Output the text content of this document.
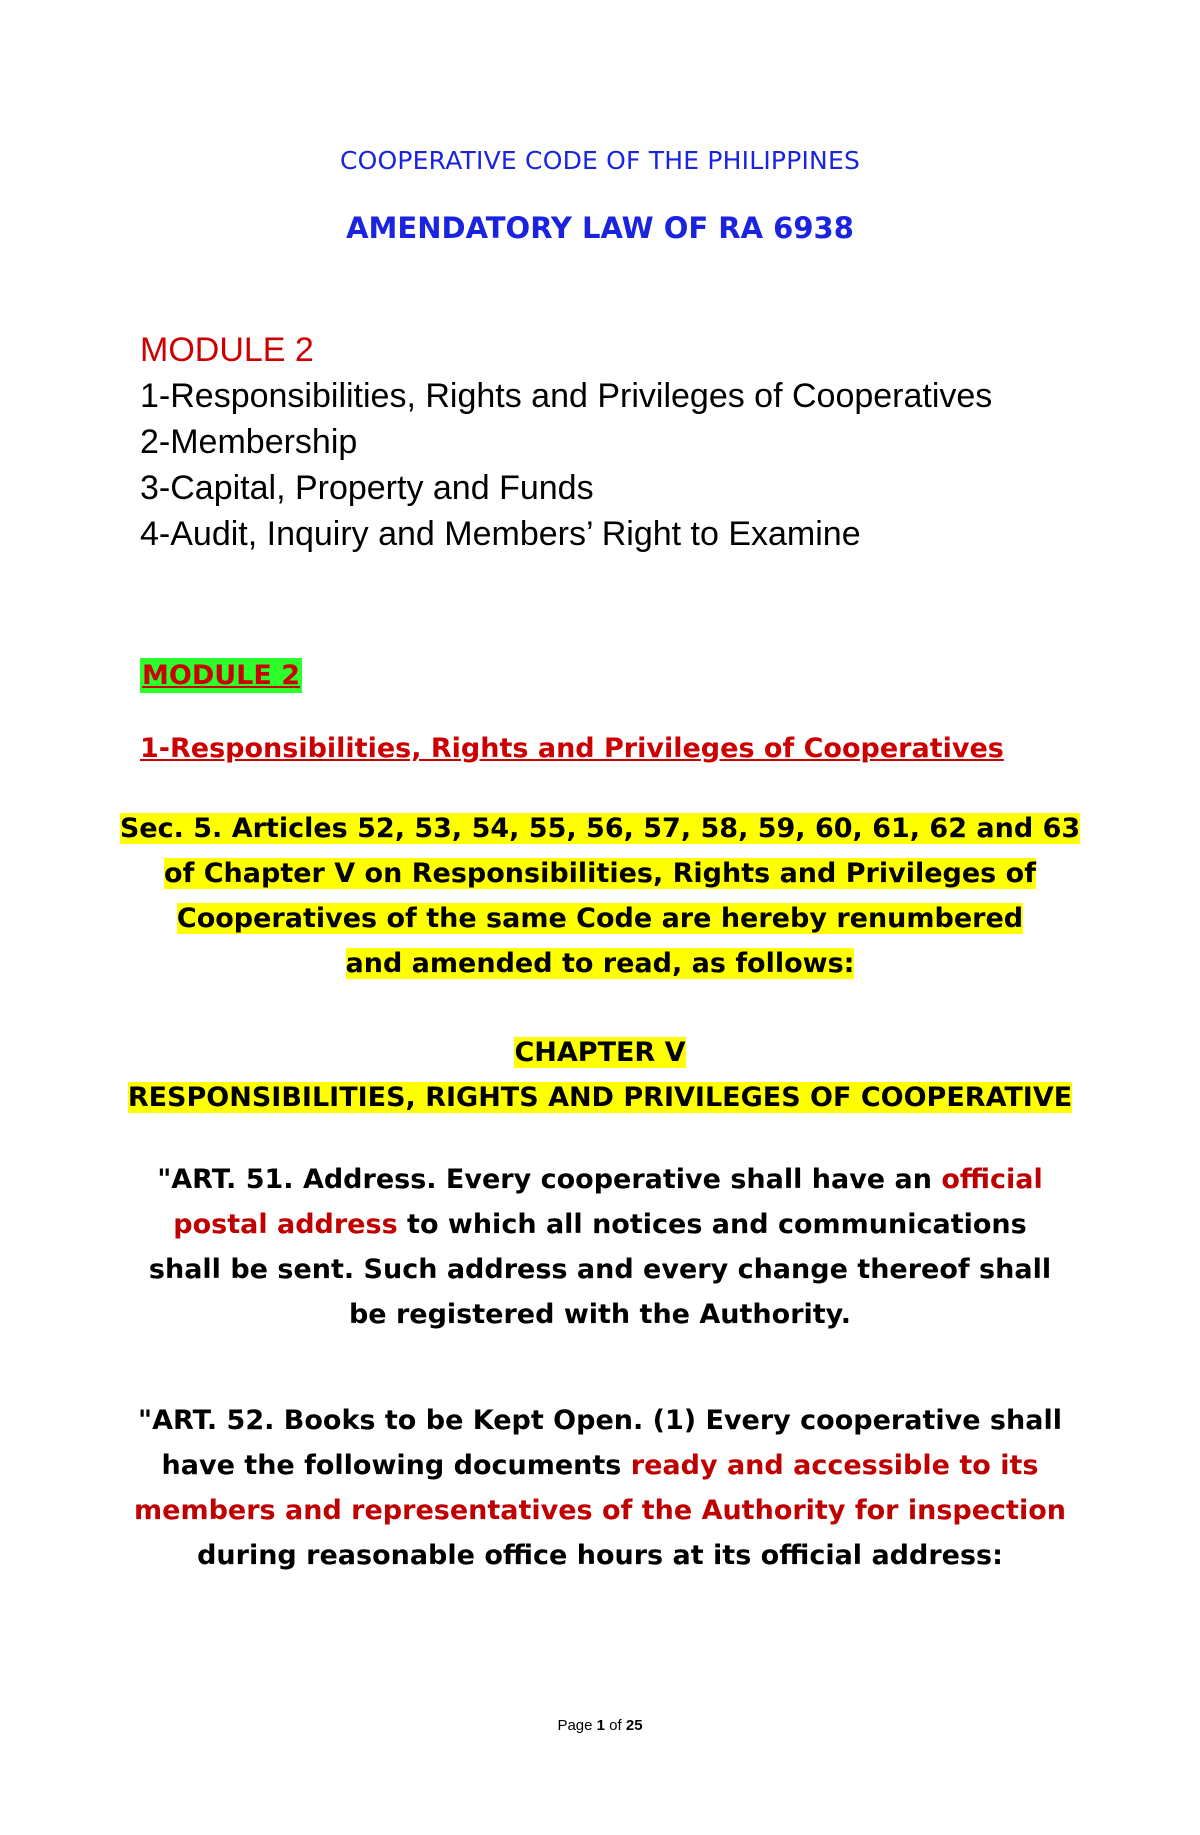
COOPERATIVE CODE OF THE PHILIPPINES
AMENDATORY LAW OF RA 6938
MODULE 2
1-Responsibilities, Rights and Privileges of Cooperatives
2-Membership
3-Capital, Property and Funds
4-Audit, Inquiry and Members’ Right to Examine
MODULE 2
1-Responsibilities, Rights and Privileges of Cooperatives
Sec. 5. Articles 52, 53, 54, 55, 56, 57, 58, 59, 60, 61, 62 and 63
of Chapter V on Responsibilities, Rights and Privileges of
Cooperatives of the same Code are hereby renumbered
and amended to read, as follows:
CHAPTER V
RESPONSIBILITIES, RIGHTS AND PRIVILEGES OF COOPERATIVE
"ART. 51. Address. Every cooperative shall have an official
postal address to which all notices and communications
shall be sent. Such address and every change thereof shall
be registered with the Authority.
"ART. 52. Books to be Kept Open. (1) Every cooperative shall
have the following documents ready and accessible to its
members and representatives of the Authority for inspection
during reasonable office hours at its official address:
Page 1 of 25
